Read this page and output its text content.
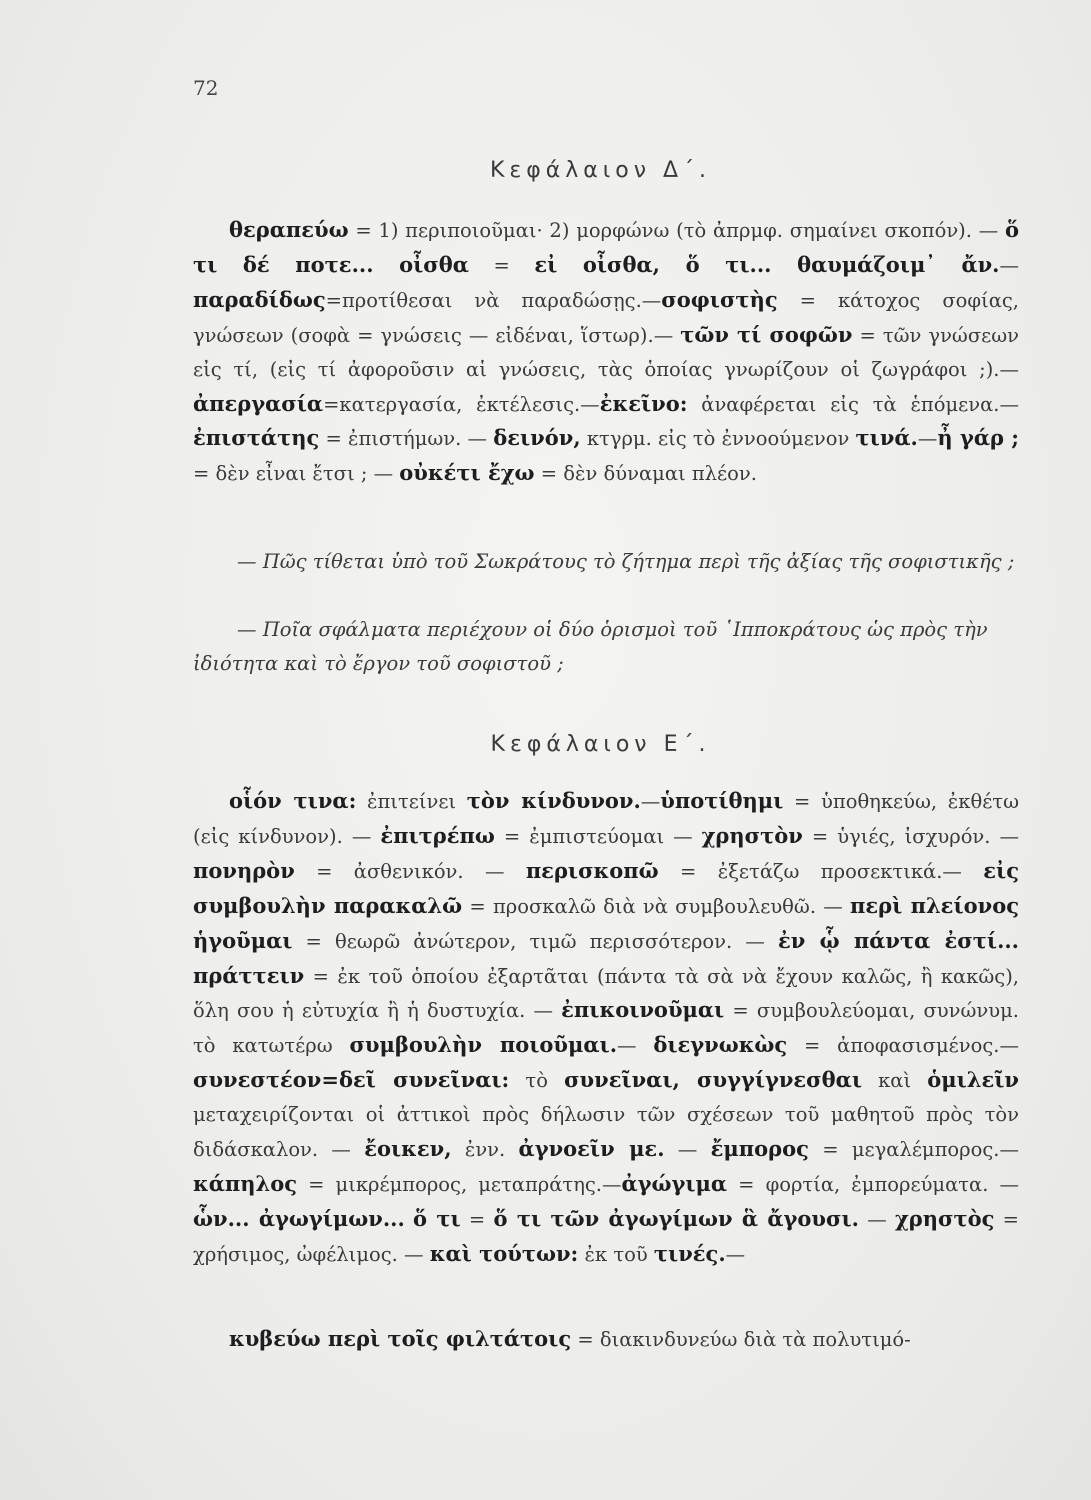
72
Κεφάλαιον Δ΄.
θεραπεύω = 1) περιποιοῦμαι· 2) μορφώνω (τὸ ἀπρμφ. σημαίνει σκοπόν). — ὅ τι δέ ποτε... οἶσθα = εἰ οἶσθα, ὅ τι... θαυμάζοιμ᾽ ἄν.—παραδίδως=προτίθεσαι νὰ παραδώσῃς.—σοφιστὴς = κάτοχος σοφίας, γνώσεων (σοφὰ = γνώσεις — εἰδέναι, ἵστωρ).— τῶν τί σοφῶν = τῶν γνώσεων εἰς τί, (εἰς τί ἀφοροῦσιν αἱ γνώσεις, τὰς ὁποίας γνωρίζουν οἱ ζωγράφοι ;).—ἀπεργασία=κατεργασία, ἐκτέλεσις.—ἐκεῖνο: ἀναφέρεται εἰς τὰ ἑπόμενα.— ἐπιστάτης = ἐπιστήμων. — δεινόν, κτγρμ. εἰς τὸ ἐννοούμενον τινά.—ἦ γάρ ; = δὲν εἶναι ἔτσι ; — οὐκέτι ἔχω = δὲν δύναμαι πλέον.
— Πῶς τίθεται ὑπὸ τοῦ Σωκράτους τὸ ζήτημα περὶ τῆς ἀξίας τῆς σοφιστικῆς ;
— Ποῖα σφάλματα περιέχουν οἱ δύο ὁρισμοὶ τοῦ ῾Ιπποκράτους ὡς πρὸς τὴν ἰδιότητα καὶ τὸ ἔργον τοῦ σοφιστοῦ ;
Κεφάλαιον Ε΄.
οἷόν τινα: ἐπιτείνει τὸν κίνδυνον.—ὑποτίθημι = ὑποθηκεύω, ἐκθέτω (εἰς κίνδυνον). — ἐπιτρέπω = ἐμπιστεύομαι — χρηστὸν = ὑγιές, ἰσχυρόν. — πονηρὸν = ἀσθενικόν. — περισκοπῶ = ἐξετάζω προσεκτικά.— εἰς συμβουλὴν παρακαλῶ = προσκαλῶ διὰ νὰ συμβουλευθῶ. — περὶ πλείονος ἡγοῦμαι = θεωρῶ ἀνώτερον, τιμῶ περισσότερον. — ἐν ᾧ πάντα ἐστί... πράττειν = ἐκ τοῦ ὁποίου ἐξαρτᾶται (πάντα τὰ σὰ νὰ ἔχουν καλῶς, ἢ κακῶς), ὅλη σου ἡ εὐτυχία ἢ ἡ δυστυχία. — ἐπικοινοῦμαι = συμβουλεύομαι, συνώνυμ. τὸ κατωτέρω συμβουλὴν ποιοῦμαι.— διεγνωκὼς = ἀποφασισμένος.—συνεστέον=δεῖ συνεῖναι: τὸ συνεῖναι, συγγίγνεσθαι καὶ ὁμιλεῖν μεταχειρίζονται οἱ ἀττικοὶ πρὸς δήλωσιν τῶν σχέσεων τοῦ μαθητοῦ πρὸς τὸν διδάσκαλον. — ἔοικεν, ἐνν. ἀγνοεῖν με. — ἔμπορος = μεγαλέμπορος.— κάπηλος = μικρέμπορος, μεταπράτης.—ἀγώγιμα = φορτία, ἐμπορεύματα. — ὧν... ἀγωγίμων... ὅ τι = ὅ τι τῶν ἀγωγίμων ἃ ἄγουσι. — χρηστὸς = χρήσιμος, ὠφέλιμος. — καὶ τούτων: ἐκ τοῦ τινές.—
κυβεύω περὶ τοῖς φιλτάτοις = διακινδυνεύω διὰ τὰ πολυτιμό-
